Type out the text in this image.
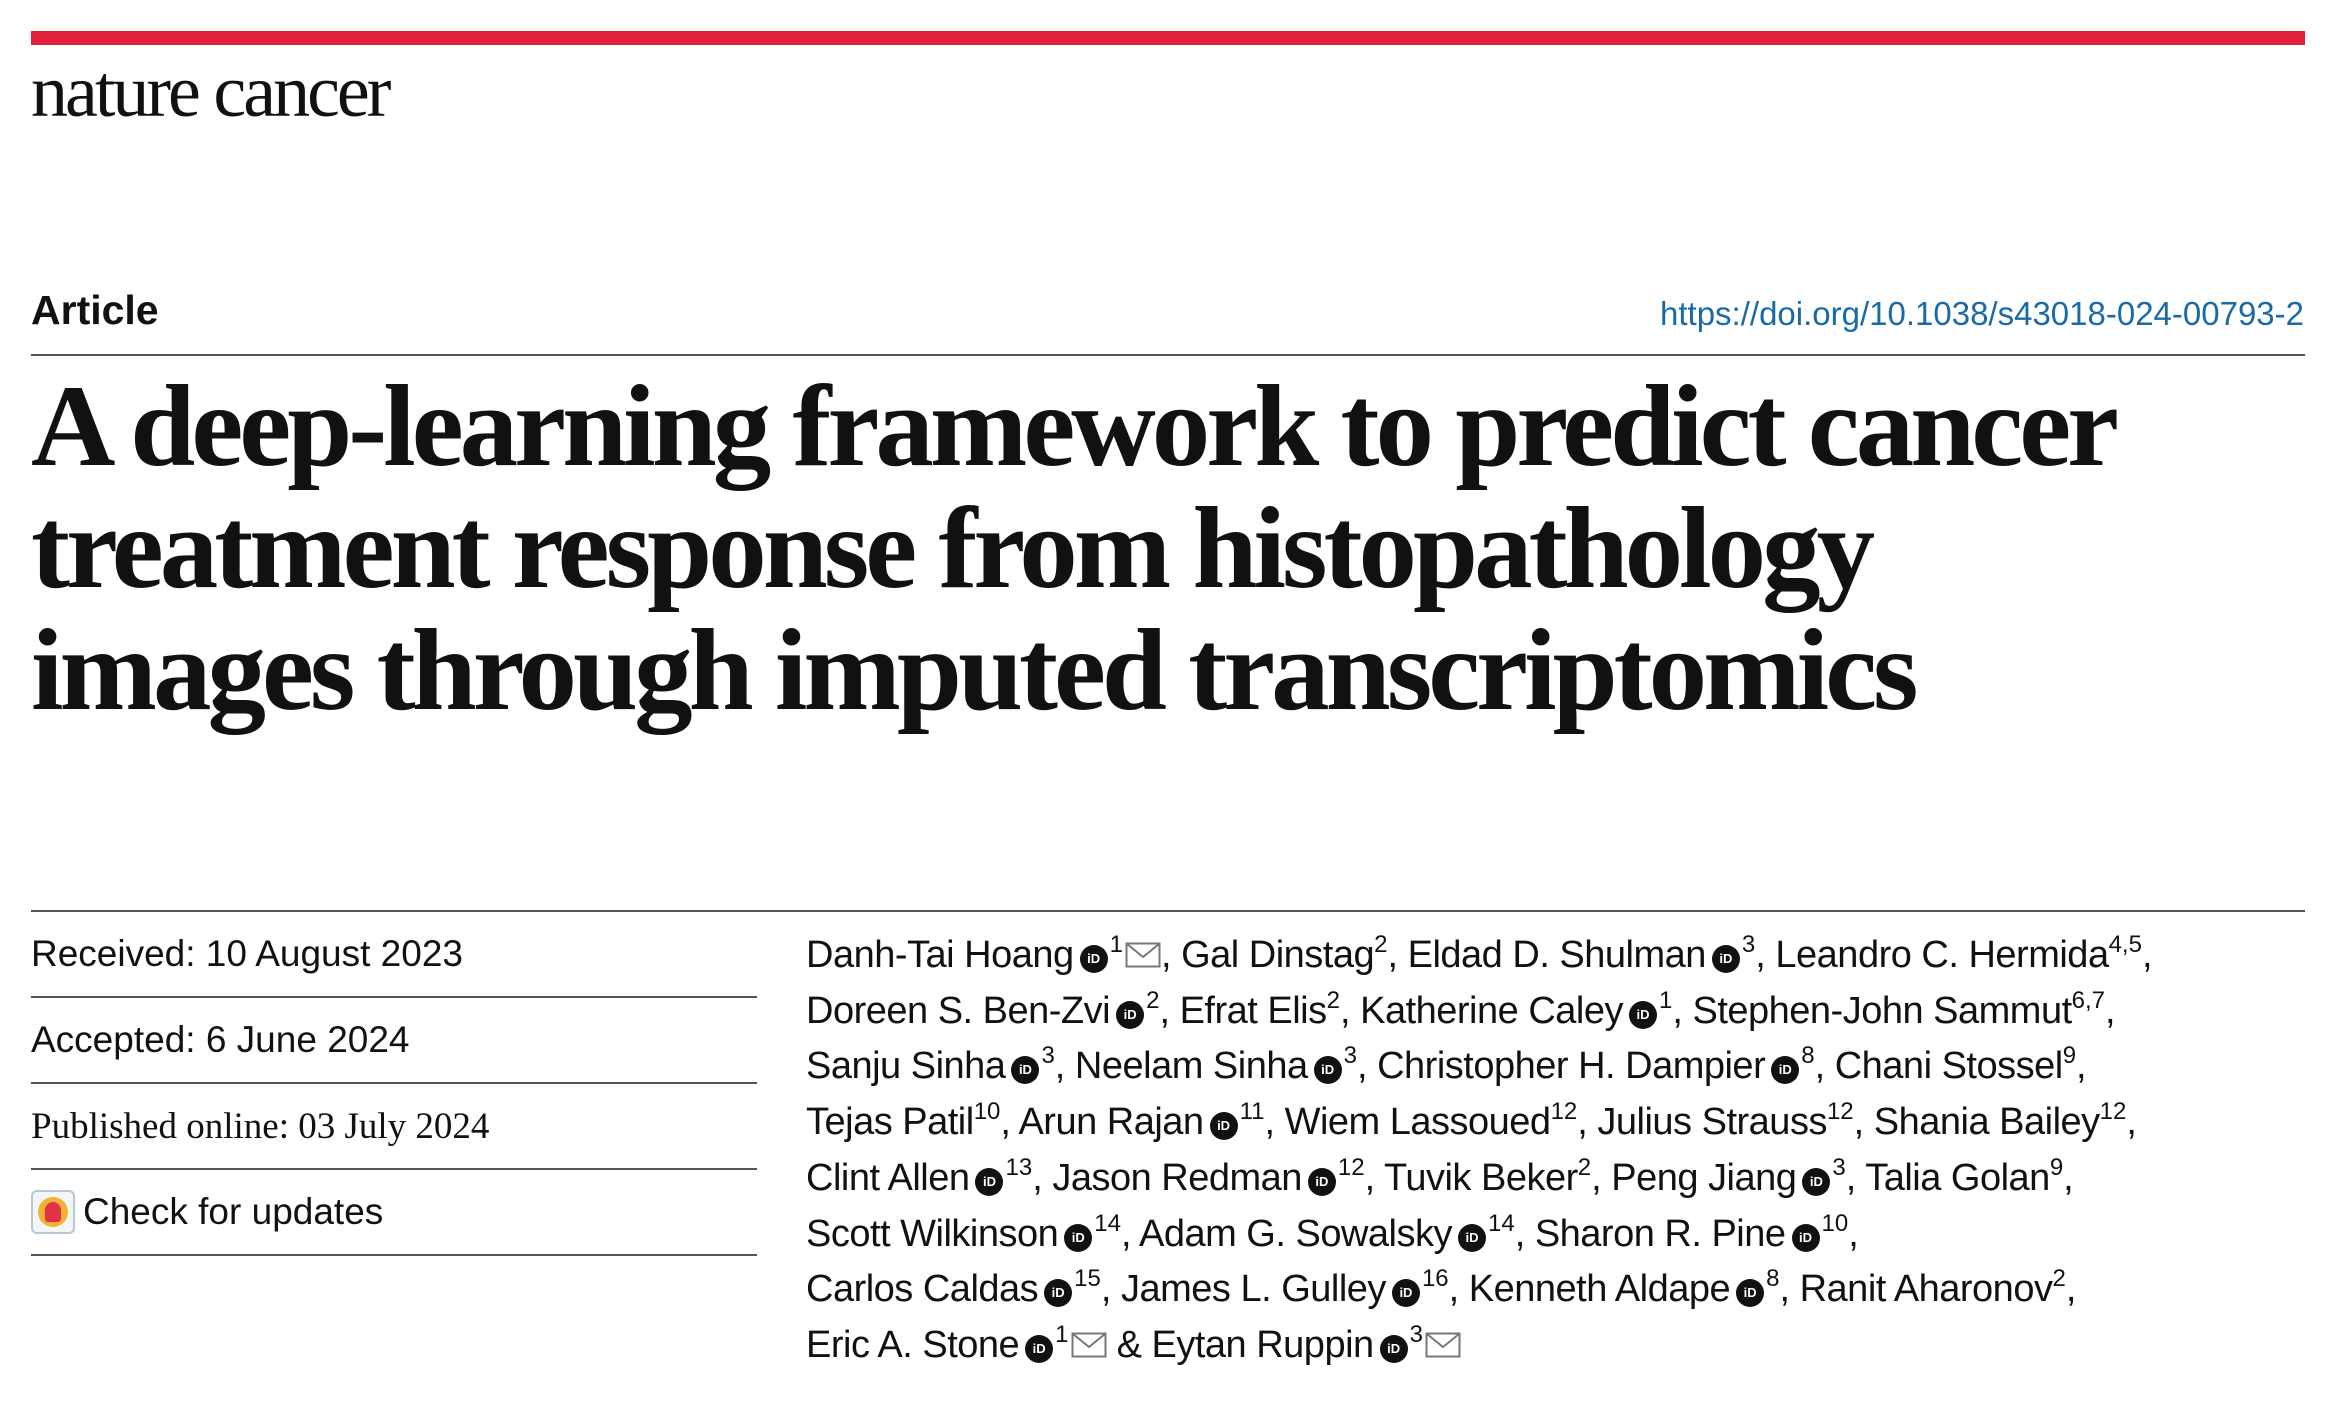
nature cancer
Article	https://doi.org/10.1038/s43018-024-00793-2
A deep-learning framework to predict cancer
treatment response from histopathology
images through imputed transcriptomics
Received: 10 August 2023
Accepted: 6 June 2024
Published online: 03 July 2024
Check for updates
Danh-Tai Hoang iD$^1$ , Gal Dinstag$^2$, Eldad D. Shulman iD$^3$, Leandro C. Hermida$^{4,5}$,
Doreen S. Ben-Zvi iD$^2$, Efrat Elis$^2$, Katherine Caley iD$^1$, Stephen-John Sammut$^{6,7}$,
Sanju Sinha iD$^3$, Neelam Sinha iD$^3$, Christopher H. Dampier iD$^8$, Chani Stossel$^9$,
Tejas Patil$^{10}$, Arun Rajan iD$^{11}$, Wiem Lassoued$^{12}$, Julius Strauss$^{12}$, Shania Bailey$^{12}$,
Clint Allen iD$^{13}$, Jason Redman iD$^{12}$, Tuvik Beker$^2$, Peng Jiang iD$^3$, Talia Golan$^9$,
Scott Wilkinson iD$^{14}$, Adam G. Sowalsky iD$^{14}$, Sharon R. Pine iD$^{10}$,
Carlos Caldas iD$^{15}$, James L. Gulley iD$^{16}$, Kenneth Aldape iD$^8$, Ranit Aharonov$^2$,
Eric A. Stone iD$^1$ & Eytan Ruppin iD$^3$
